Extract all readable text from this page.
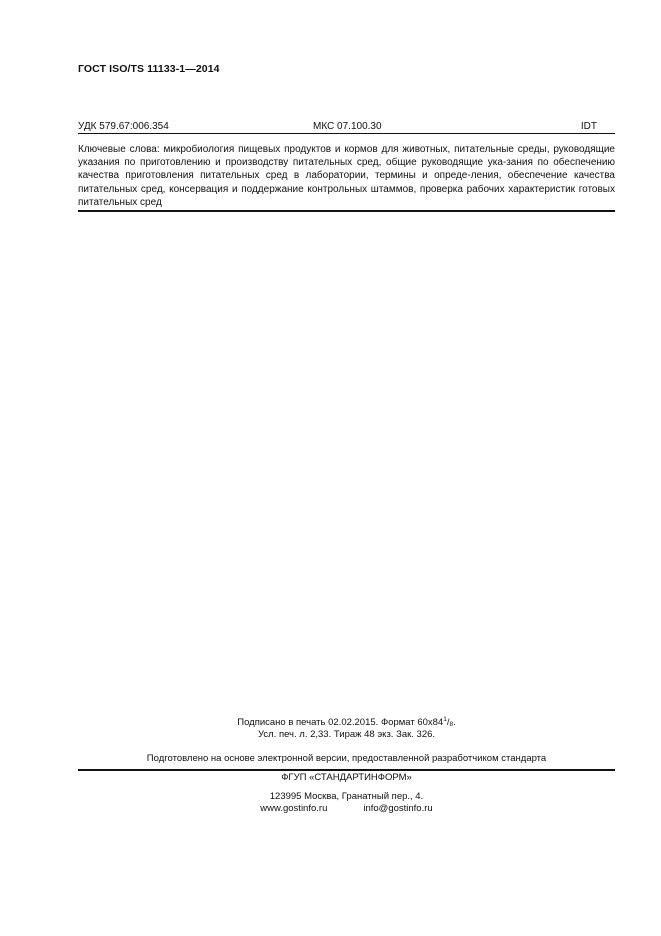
ГОСТ ISO/TS 11133-1—2014
УДК 579.67:006.354	МКС 07.100.30	IDT
Ключевые слова: микробиология пищевых продуктов и кормов для животных, питательные среды, руководящие указания по приготовлению и производству питательных сред, общие руководящие ука-зания по обеспечению качества приготовления питательных сред в лаборатории, термины и опреде-ления, обеспечение качества питательных сред, консервация и поддержание контрольных штаммов, проверка рабочих характеристик готовых питательных сред
Подписано в печать 02.02.2015. Формат $60х84^1/8$.
Усл. печ. л. 2,33. Тираж 48 экз. Зак. 326.
Подготовлено на основе электронной версии, предоставленной разработчиком стандарта
ФГУП «СТАНДАРТИНФОРМ»
123995 Москва, Гранатный пер., 4.
www.gostinfo.ru	info@gostinfo.ru
